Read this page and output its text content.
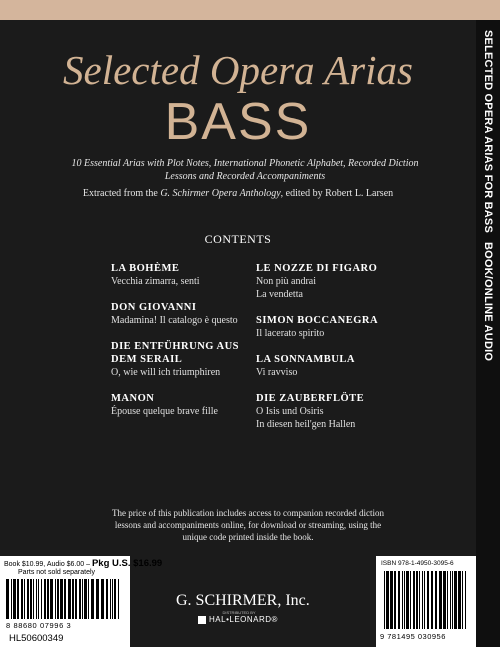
SELECTED OPERA ARIAS FOR BASS
BOOK/ONLINE AUDIO
Selected Opera Arias
BASS
10 Essential Arias with Plot Notes, International Phonetic Alphabet, Recorded Diction Lessons and Recorded Accompaniments
Extracted from the G. Schirmer Opera Anthology, edited by Robert L. Larsen
CONTENTS
LA BOHÈME
Vecchia zimarra, senti
DON GIOVANNI
Madamina! Il catalogo è questo
DIE ENTFÜHRUNG AUS
DEM SERAIL
O, wie will ich triumphiren
MANON
Épouse quelque brave fille
LE NOZZE DI FIGARO
Non più andrai
La vendetta
SIMON BOCCANEGRA
Il lacerato spirito
LA SONNAMBULA
Vi ravviso
DIE ZAUBERFLÖTE
O Isis und Osiris
In diesen heil'gen Hallen
The price of this publication includes access to companion recorded diction lessons and accompaniments online, for download or streaming, using the unique code printed inside the book.
Book $10.99, Audio $6.00 – Pkg U.S. $16.99
Parts not sold separately
8 88680 07996 3
HL50600349
G. SCHIRMER, Inc.
DISTRIBUTED BY
HAL•LEONARD®
ISBN 978-1-4950-3095-6
9 781495 030956
